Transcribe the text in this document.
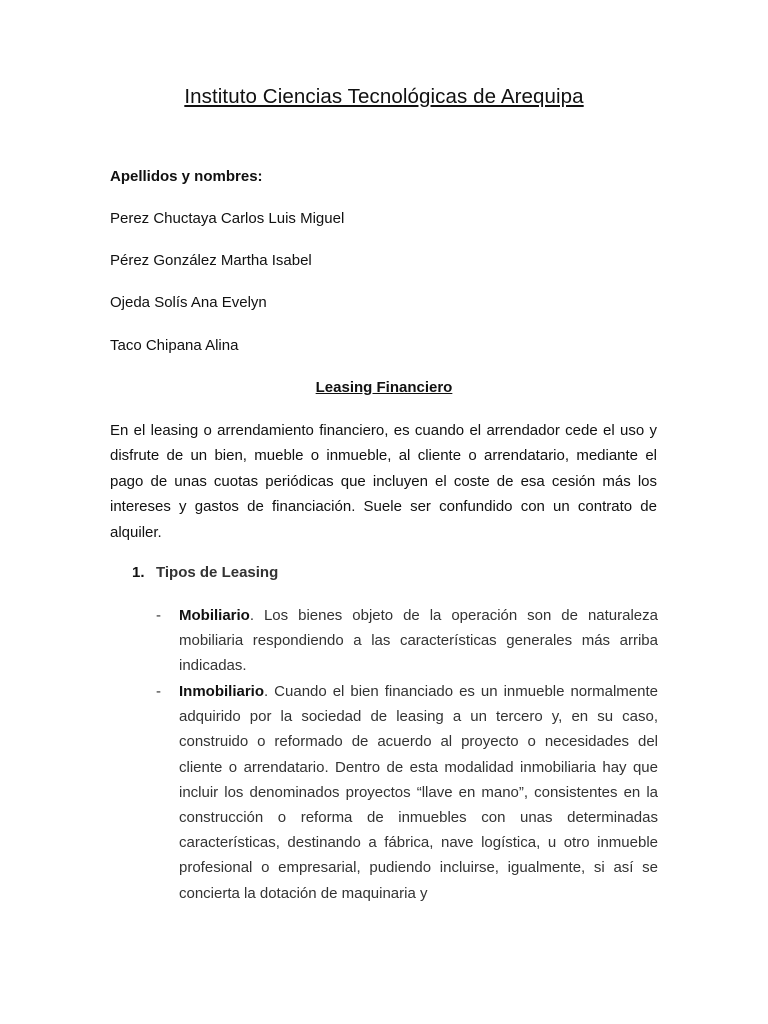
Instituto Ciencias Tecnológicas de Arequipa
Apellidos y nombres:
Perez Chuctaya Carlos Luis Miguel
Pérez González Martha Isabel
Ojeda Solís Ana Evelyn
Taco Chipana Alina
Leasing Financiero
En el leasing o arrendamiento financiero, es cuando el arrendador cede el uso y disfrute de un bien, mueble o inmueble, al cliente o arrendatario, mediante el pago de unas cuotas periódicas que incluyen el coste de esa cesión más los intereses y gastos de financiación. Suele ser confundido con un contrato de alquiler.
1. Tipos de Leasing
- Mobiliario. Los bienes objeto de la operación son de naturaleza mobiliaria respondiendo a las características generales más arriba indicadas.
- Inmobiliario. Cuando el bien financiado es un inmueble normalmente adquirido por la sociedad de leasing a un tercero y, en su caso, construido o reformado de acuerdo al proyecto o necesidades del cliente o arrendatario. Dentro de esta modalidad inmobiliaria hay que incluir los denominados proyectos “llave en mano”, consistentes en la construcción o reforma de inmuebles con unas determinadas características, destinando a fábrica, nave logística, u otro inmueble profesional o empresarial, pudiendo incluirse, igualmente, si así se concierta la dotación de maquinaria y
